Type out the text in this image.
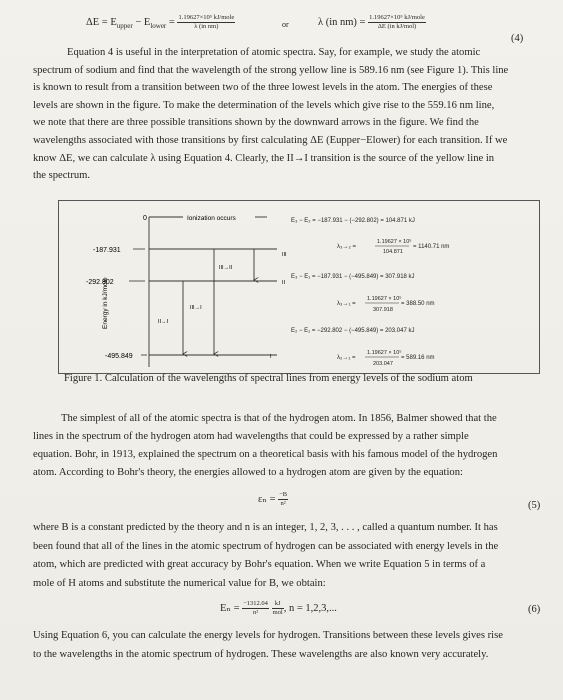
$\Delta E = E_{upper} - E_{lower} = \frac{\text{1.19627×10⁵ kJ/mole}}{\text{λ (in nm)}}$	or	λ (in $nm) = \frac{\text{1.19627×10⁵ kJ/mole}}{\text{ΔE (in kJ/mol)}}$
(4)

Equation 4 is useful in the interpretation of atomic spectra. Say, for example, we study the atomic

spectrum of sodium and find that the wavelength of the strong yellow line is 589.16 nm (see Figure 1). This line

is known to result from a transition between two of the three lowest levels in the atom. The energies of these

levels are shown in the figure. To make the determination of the levels which give rise to the 559.16 nm line,

we note that there are three possible transitions shown by the downward arrows in the figure. We find the

wavelengths associated with those transitions by first calculating ΔE (Eupper−Elower) for each transition. If we

know ΔE, we can calculate λ using Equation 4. Clearly, the II→I transition is the source of the yellow line in

the spectrum.

0	Ionization occurs
Energy in kJ/mole
-187.931
III
-292.802	II
-495.849	I
III→II
III→I
II→I
E₃ − E₂ = −187.931 − (−292.802) = 104.871 kJ
λ₃→₂ =
1.19627 × 10⁵
104.871
= 1140.71 nm
E₃ − E₁ = −187.931 − (−495.849) = 307.918 kJ
λ₃→₁ =
1.19627 × 10⁵
307.918
= 388.50 nm
E₂ − E₁ = −292.802 − (−495.849) = 203.047 kJ
λ₂→₁ =
1.19627 × 10⁵
203.047
= 589.16 nm
Figure 1. Calculation of the wavelengths of spectral lines from energy levels of the sodium atom

The simplest of all of the atomic spectra is that of the hydrogen atom. In 1856, Balmer showed that the

lines in the spectrum of the hydrogen atom had wavelengths that could be expressed by a rather simple

equation. Bohr, in 1913, explained the spectrum on a theoretical basis with his famous model of the hydrogen

atom. According to Bohr's theory, the energies allowed to a hydrogen atom are given by the equation:

$\varepsilon_n = \frac{-B}{\text{n²}}$	(5)

where B is a constant predicted by the theory and n is an integer, 1, 2, 3, . . . , called a quantum number. It has

been found that all of the lines in the atomic spectrum of hydrogen can be associated with energy levels in the

atom, which are predicted with great accuracy by Bohr's equation. When we write Equation 5 in terms of a

mole of H atoms and substitute the numerical value for B, we obtain:

$E_n = \frac{-1312.04}{\text{n²}}$
$\frac{kJ}{\text{mol}}$ , n = 1,2,3,...	(6)

Using Equation 6, you can calculate the energy levels for hydrogen. Transitions between these levels gives rise

to the wavelengths in the atomic spectrum of hydrogen. These wavelengths are also known very accurately.
